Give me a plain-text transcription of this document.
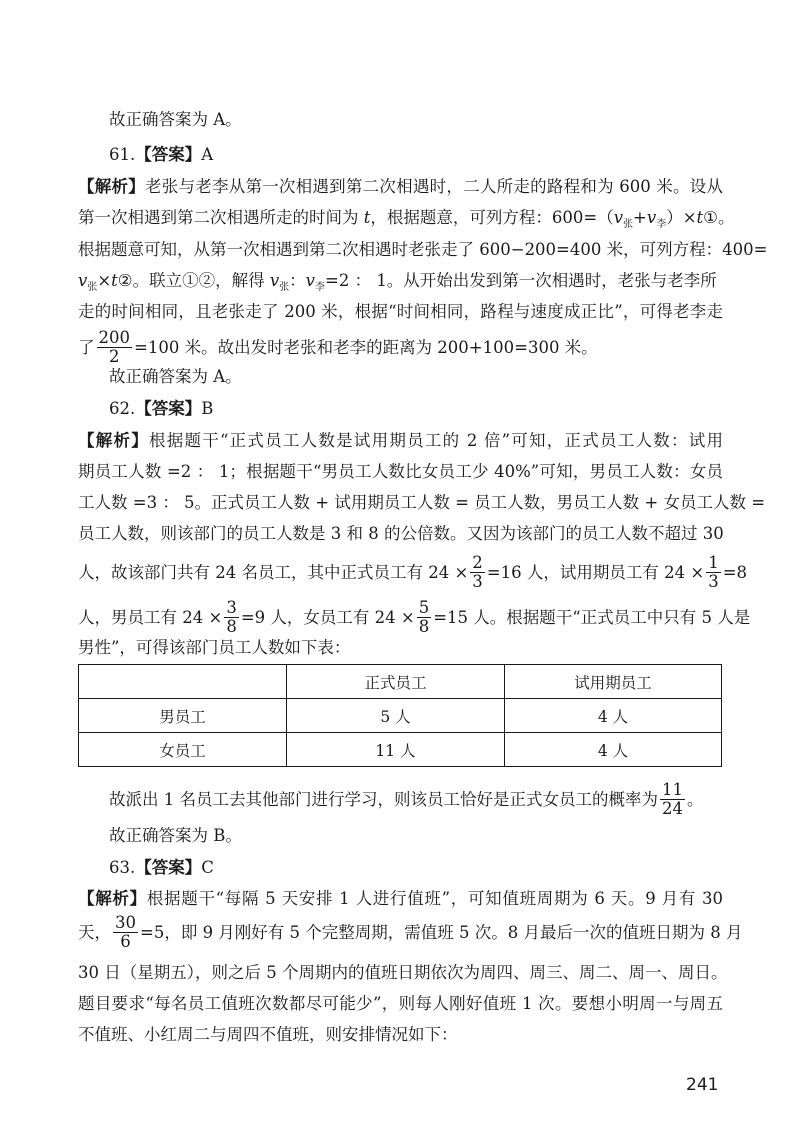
故正确答案为 A。
61.【答案】A
【解析】老张与老李从第一次相遇到第二次相遇时，二人所走的路程和为 600 米。设从
第一次相遇到第二次相遇所走的时间为 t，根据题意，可列方程：$600=(v_张+v_李)\times t①$。
根据题意可知，从第一次相遇到第二次相遇时老张走了 600−200=400 米，可列方程：400=
$v_张\times t②$。联立①②，解得 $v_张$：$v_李=2$ ： 1。从开始出发到第一次相遇时，老张与老李所
走的时间相同，且老张走了 200 米，根据“时间相同，路程与速度成正比”，可得老李走
了 $\frac{200}{2} =100$ 米。故出发时老张和老李的距离为 200+100=300 米。
故正确答案为 A。
62.【答案】B
【解析】根据题干“正式员工人数是试用期员工的 2 倍”可知，正式员工人数：试用
期员工人数 =2 ： 1；根据题干“男员工人数比女员工少 40%”可知，男员工人数：女员
工人数 =3 ： 5。正式员工人数 + 试用期员工人数 = 员工人数，男员工人数 + 女员工人数 =
员工人数，则该部门的员工人数是 3 和 8 的公倍数。又因为该部门的员工人数不超过 30
人，故该部门共有 24 名员工，其中正式员工有 $24 \times \frac{2}{3} =16$ 人，试用期员工有 $24 \times \frac{1}{3} =8$
人，男员工有 $24 \times \frac{3}{8} =9$ 人，女员工有 $24 \times \frac{5}{8} =15$ 人。根据题干“正式员工中只有 5 人是
男性”，可得该部门员工人数如下表：
	正式员工	试用期员工
男员工	5 人	4 人
女员工	11 人	4 人
故派出 1 名员工去其他部门进行学习，则该员工恰好是正式女员工的概率为 $\frac{11}{24}$ 。
故正确答案为 B。
63.【答案】C
【解析】根据题干“每隔 5 天安排 1 人进行值班”，可知值班周期为 6 天。9 月有 30
天， $\frac{30}{6} =5$，即 9 月刚好有 5 个完整周期，需值班 5 次。8 月最后一次的值班日期为 8 月
30 日（星期五），则之后 5 个周期内的值班日期依次为周四、周三、周二、周一、周日。
题目要求“每名员工值班次数都尽可能少”，则每人刚好值班 1 次。要想小明周一与周五
不值班、小红周二与周四不值班，则安排情况如下：
241
